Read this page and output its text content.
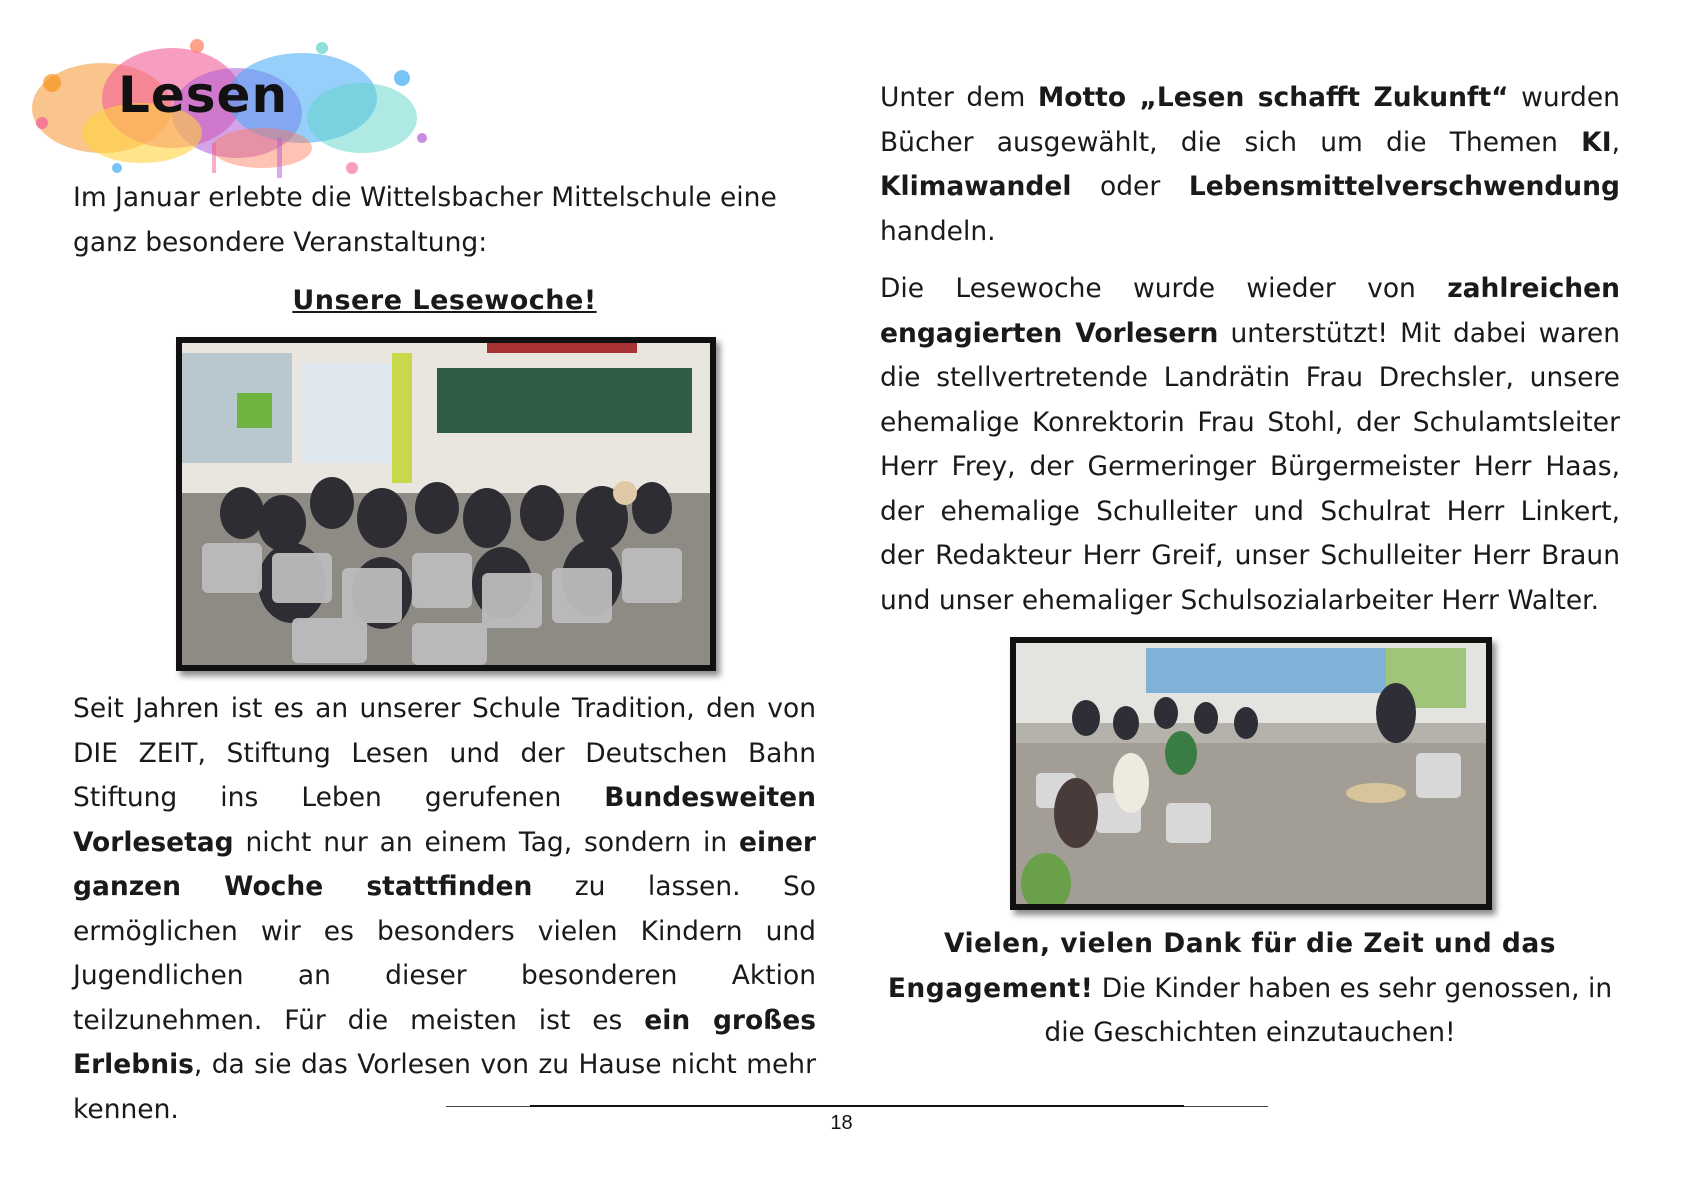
Lesen

Im Januar erlebte die Wittelsbacher Mittelschule eine ganz besondere Veranstaltung:

Unsere Lesewoche!

Seit Jahren ist es an unserer Schule Tradition, den von DIE ZEIT, Stiftung Lesen und der Deutschen Bahn Stiftung ins Leben gerufenen Bundesweiten Vorlesetag nicht nur an einem Tag, sondern in einer ganzen Woche stattfinden zu lassen. So ermöglichen wir es besonders vielen Kindern und Jugendlichen an dieser besonderen Aktion teilzunehmen. Für die meisten ist es ein großes Erlebnis, da sie das Vorlesen von zu Hause nicht mehr kennen.

Unter dem Motto „Lesen schafft Zukunft“ wurden Bücher ausgewählt, die sich um die Themen KI, Klimawandel oder Lebensmittelverschwendung handeln.

Die Lesewoche wurde wieder von zahlreichen engagierten Vorlesern unterstützt! Mit dabei waren die stellvertretende Landrätin Frau Drechsler, unsere ehemalige Konrektorin Frau Stohl, der Schulamtsleiter Herr Frey, der Germeringer Bürgermeister Herr Haas, der ehemalige Schulleiter und Schulrat Herr Linkert, der Redakteur Herr Greif, unser Schulleiter Herr Braun und unser ehemaliger Schulsozialarbeiter Herr Walter.

Vielen, vielen Dank für die Zeit und das Engagement! Die Kinder haben es sehr genossen, in die Geschichten einzutauchen!

18
